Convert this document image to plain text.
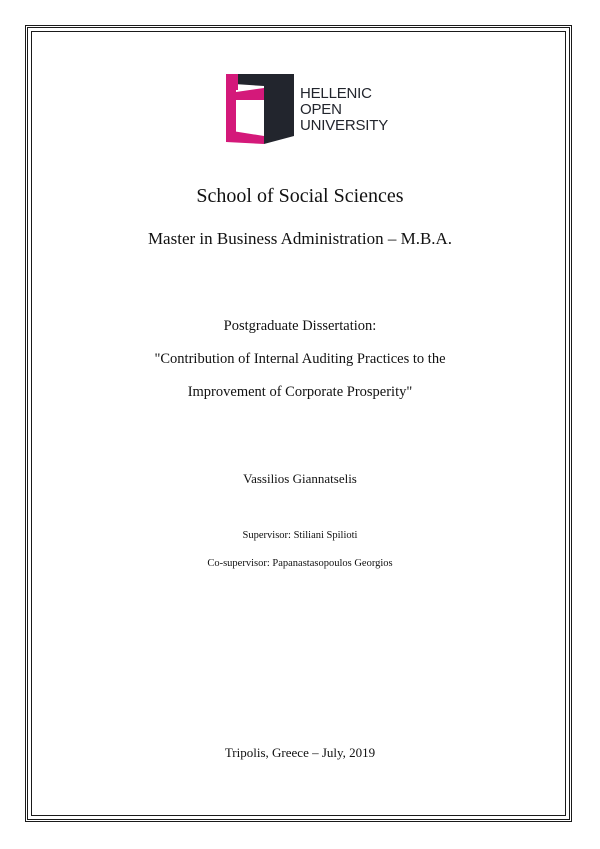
HELLENIC
OPEN
UNIVERSITY
School of Social Sciences
Master in Business Administration – M.B.A.
Postgraduate Dissertation:
"Contribution of Internal Auditing Practices to the
Improvement of Corporate Prosperity"
Vassilios Giannatselis
Supervisor: Stiliani Spilioti
Co-supervisor: Papanastasopoulos Georgios
Tripolis, Greece – July, 2019
